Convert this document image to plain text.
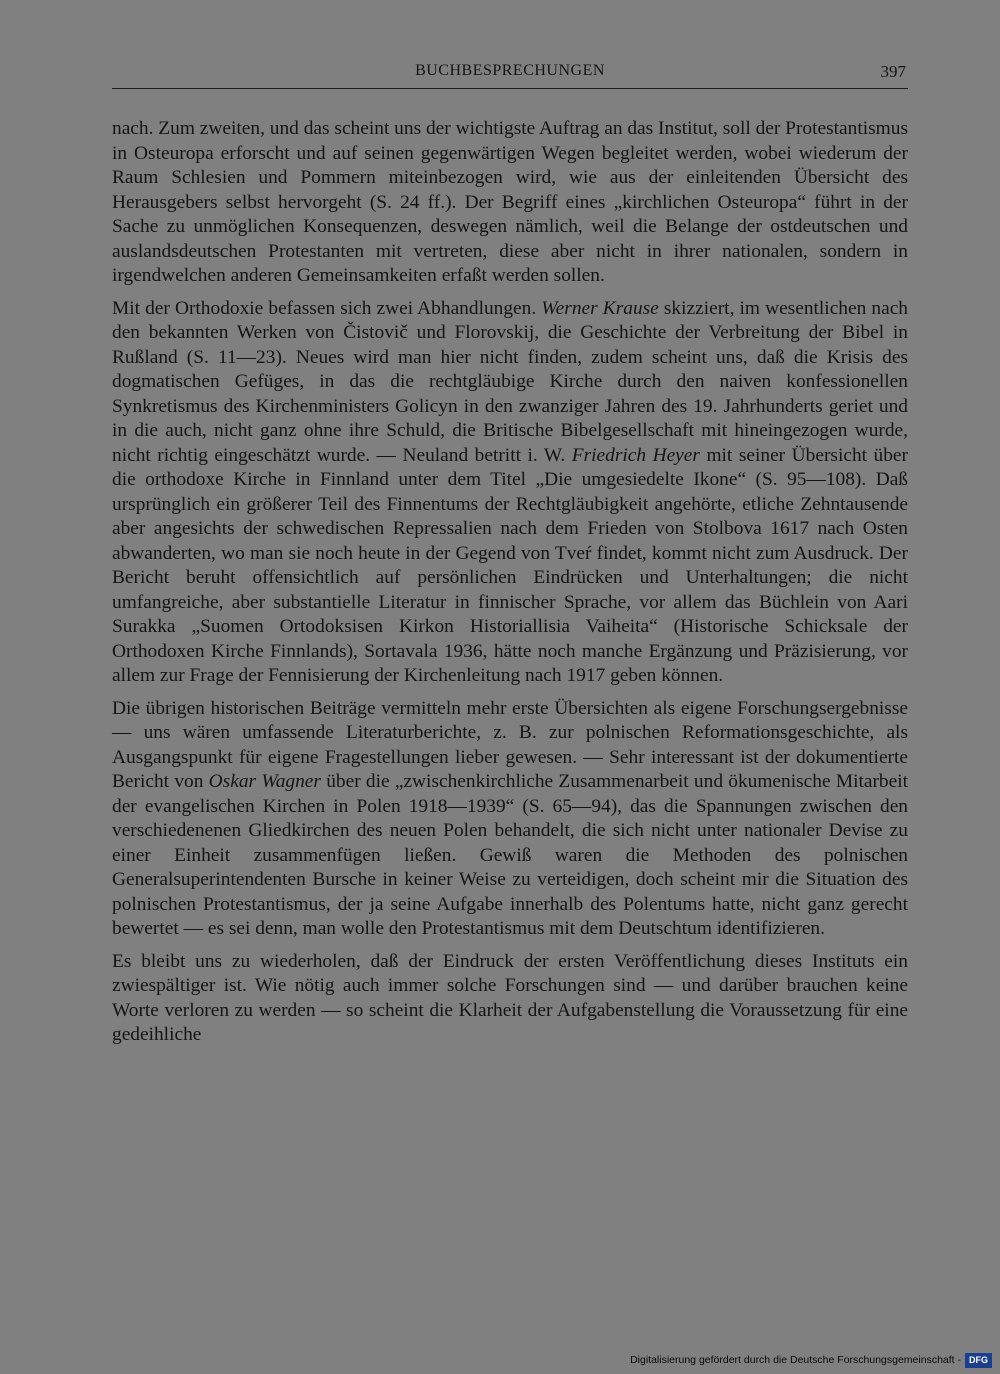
BUCHBESPRECHUNGEN	397

nach. Zum zweiten, und das scheint uns der wichtigste Auftrag an das Institut, soll der Protestantismus in Osteuropa erforscht und auf seinen gegenwärtigen Wegen begleitet werden, wobei wiederum der Raum Schlesien und Pommern miteinbezogen wird, wie aus der einleitenden Übersicht des Herausgebers selbst hervorgeht (S. 24 ff.). Der Begriff eines „kirchlichen Osteuropa“ führt in der Sache zu unmöglichen Konsequenzen, deswegen nämlich, weil die Belange der ostdeutschen und auslandsdeutschen Protestanten mit vertreten, diese aber nicht in ihrer nationalen, sondern in irgendwelchen anderen Gemeinsamkeiten erfaßt werden sollen.

Mit der Orthodoxie befassen sich zwei Abhandlungen. Werner Krause skizziert, im wesentlichen nach den bekannten Werken von Čistovič und Florovskij, die Geschichte der Verbreitung der Bibel in Rußland (S. 11—23). Neues wird man hier nicht finden, zudem scheint uns, daß die Krisis des dogmatischen Gefüges, in das die rechtgläubige Kirche durch den naiven konfessionellen Synkretismus des Kirchenministers Golicyn in den zwanziger Jahren des 19. Jahrhunderts geriet und in die auch, nicht ganz ohne ihre Schuld, die Britische Bibelgesellschaft mit hineingezogen wurde, nicht richtig eingeschätzt wurde. — Neuland betritt i. W. Friedrich Heyer mit seiner Übersicht über die orthodoxe Kirche in Finnland unter dem Titel „Die umgesiedelte Ikone“ (S. 95—108). Daß ursprünglich ein größerer Teil des Finnentums der Rechtgläubigkeit angehörte, etliche Zehntausende aber angesichts der schwedischen Repressalien nach dem Frieden von Stolbova 1617 nach Osten abwanderten, wo man sie noch heute in der Gegend von Tveŕ findet, kommt nicht zum Ausdruck. Der Bericht beruht offensichtlich auf persönlichen Eindrücken und Unterhaltungen; die nicht umfangreiche, aber substantielle Literatur in finnischer Sprache, vor allem das Büchlein von Aari Surakka „Suomen Ortodoksisen Kirkon Historiallisia Vaiheita“ (Historische Schicksale der Orthodoxen Kirche Finnlands), Sortavala 1936, hätte noch manche Ergänzung und Präzisierung, vor allem zur Frage der Fennisierung der Kirchenleitung nach 1917 geben können.

Die übrigen historischen Beiträge vermitteln mehr erste Übersichten als eigene Forschungsergebnisse — uns wären umfassende Literaturberichte, z. B. zur polnischen Reformationsgeschichte, als Ausgangspunkt für eigene Fragestellungen lieber gewesen. — Sehr interessant ist der dokumentierte Bericht von Oskar Wagner über die „zwischenkirchliche Zusammenarbeit und ökumenische Mitarbeit der evangelischen Kirchen in Polen 1918—1939“ (S. 65—94), das die Spannungen zwischen den verschiedenenen Gliedkirchen des neuen Polen behandelt, die sich nicht unter nationaler Devise zu einer Einheit zusammenfügen ließen. Gewiß waren die Methoden des polnischen Generalsuperintendenten Bursche in keiner Weise zu verteidigen, doch scheint mir die Situation des polnischen Protestantismus, der ja seine Aufgabe innerhalb des Polentums hatte, nicht ganz gerecht bewertet — es sei denn, man wolle den Protestantismus mit dem Deutschtum identifizieren.

Es bleibt uns zu wiederholen, daß der Eindruck der ersten Veröffentlichung dieses Instituts ein zwiespältiger ist. Wie nötig auch immer solche Forschungen sind — und darüber brauchen keine Worte verloren zu werden — so scheint die Klarheit der Aufgabenstellung die Voraussetzung für eine gedeihliche

Digitalisierung gefördert durch die Deutsche Forschungsgemeinschaft - DFG
